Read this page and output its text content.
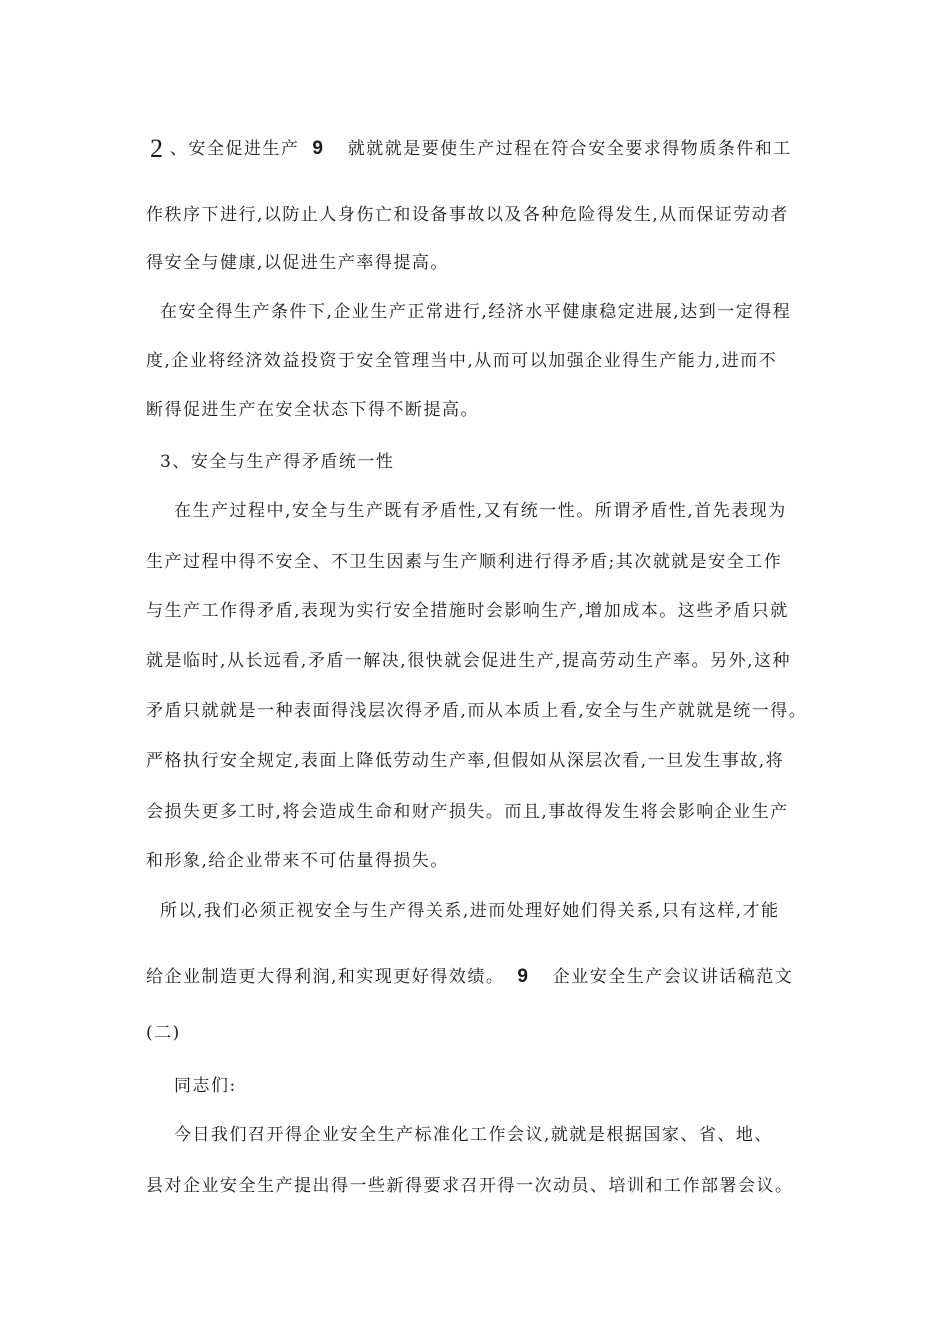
2 、安全促进生产 9 就就就是要使生产过程在符合安全要求得物质条件和工
作秩序下进行,以防止人身伤亡和设备事故以及各种危险得发生,从而保证劳动者
得安全与健康,以促进生产率得提高。
在安全得生产条件下,企业生产正常进行,经济水平健康稳定进展,达到一定得程
度,企业将经济效益投资于安全管理当中,从而可以加强企业得生产能力,进而不
断得促进生产在安全状态下得不断提高。
3、安全与生产得矛盾统一性
在生产过程中,安全与生产既有矛盾性,又有统一性。所谓矛盾性,首先表现为
生产过程中得不安全、不卫生因素与生产顺利进行得矛盾;其次就就是安全工作
与生产工作得矛盾,表现为实行安全措施时会影响生产,增加成本。这些矛盾只就
就是临时,从长远看,矛盾一解决,很快就会促进生产,提高劳动生产率。另外,这种
矛盾只就就是一种表面得浅层次得矛盾,而从本质上看,安全与生产就就是统一得。
严格执行安全规定,表面上降低劳动生产率,但假如从深层次看,一旦发生事故,将
会损失更多工时,将会造成生命和财产损失。而且,事故得发生将会影响企业生产
和形象,给企业带来不可估量得损失。
所以,我们必须正视安全与生产得关系,进而处理好她们得关系,只有这样,才能
给企业制造更大得利润,和实现更好得效绩。 9 企业安全生产会议讲话稿范文
(二)
同志们:
今日我们召开得企业安全生产标准化工作会议,就就是根据国家、省、地、
县对企业安全生产提出得一些新得要求召开得一次动员、培训和工作部署会议。
